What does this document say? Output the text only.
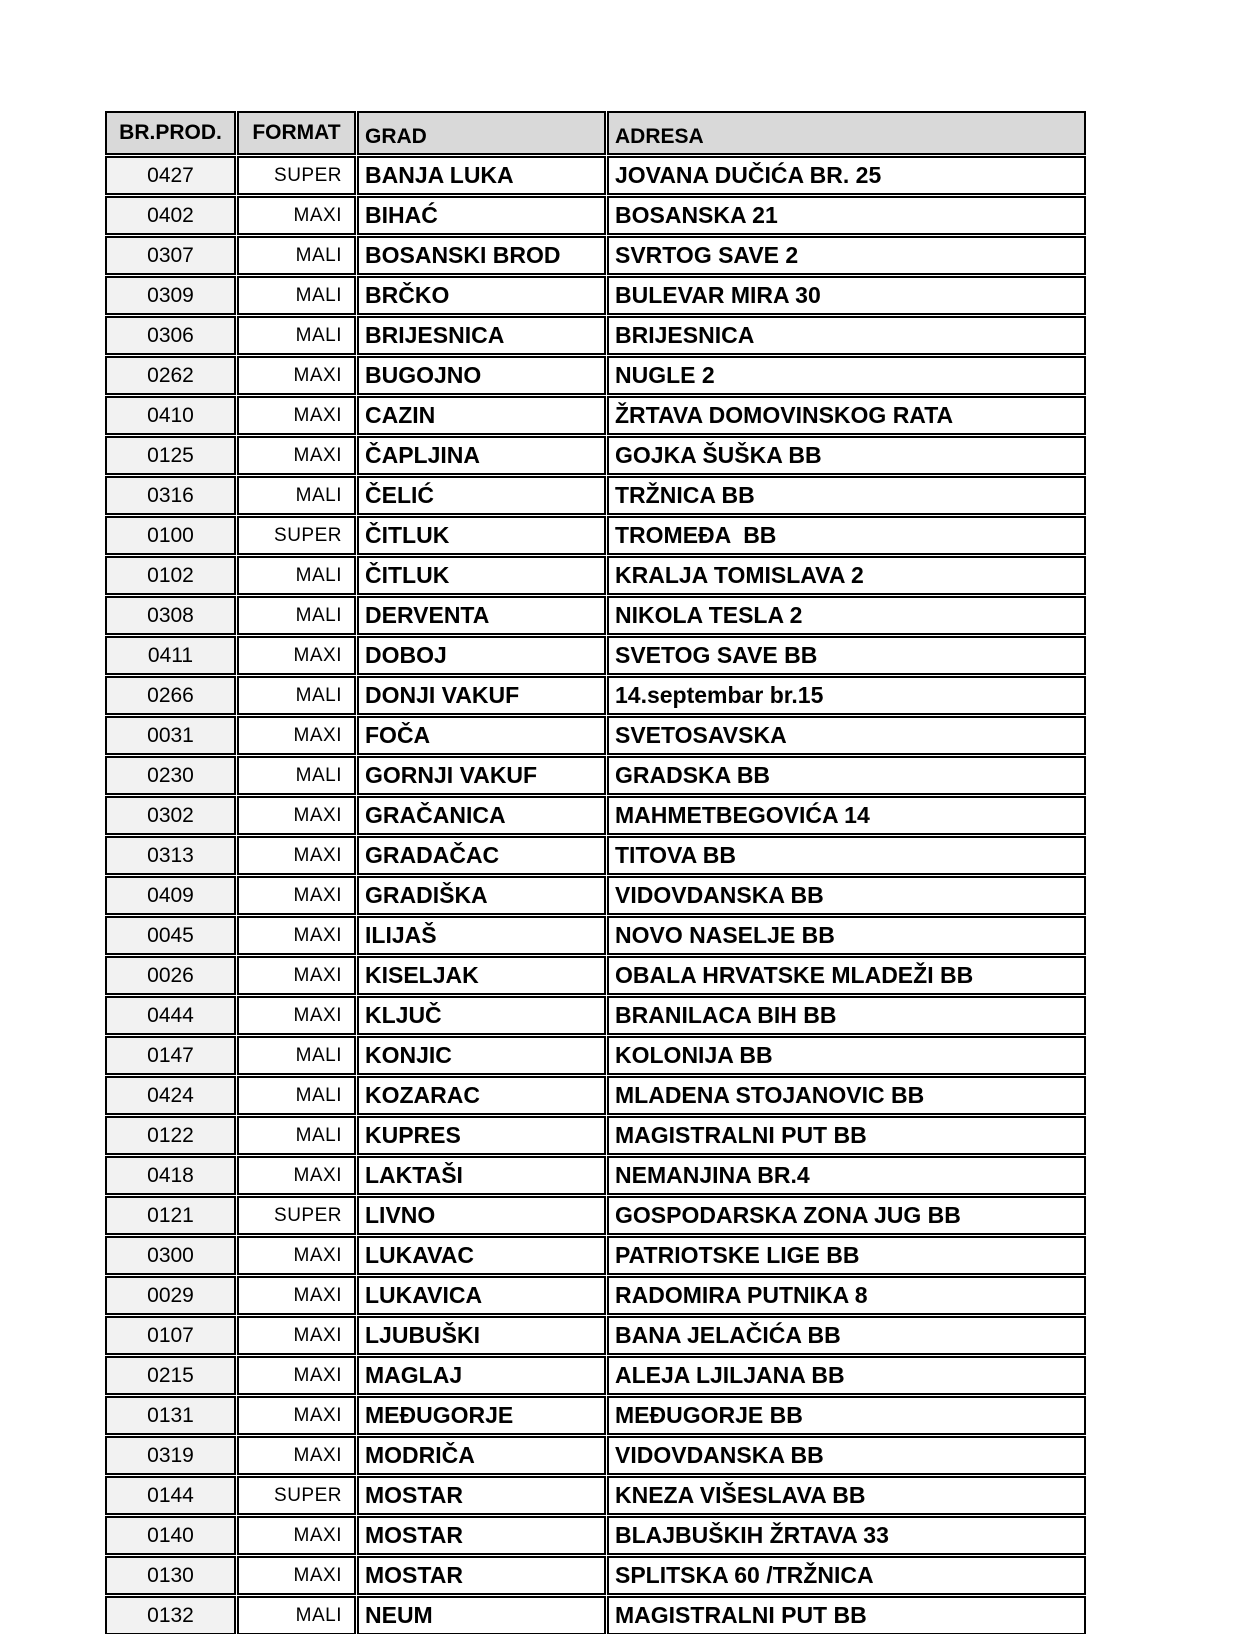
BR.PROD.	FORMAT	GRAD	ADRESA
0427	SUPER	BANJA LUKA	JOVANA DUČIĆA BR. 25
0402	MAXI	BIHAĆ	BOSANSKA 21
0307	MALI	BOSANSKI BROD	SVRTOG SAVE 2
0309	MALI	BRČKO	BULEVAR MIRA 30
0306	MALI	BRIJESNICA	BRIJESNICA
0262	MAXI	BUGOJNO	NUGLE 2
0410	MAXI	CAZIN	ŽRTAVA DOMOVINSKOG RATA
0125	MAXI	ČAPLJINA	GOJKA ŠUŠKA BB
0316	MALI	ČELIĆ	TRŽNICA BB
0100	SUPER	ČITLUK	TROMEĐA  BB
0102	MALI	ČITLUK	KRALJA TOMISLAVA 2
0308	MALI	DERVENTA	NIKOLA TESLA 2
0411	MAXI	DOBOJ	SVETOG SAVE BB
0266	MALI	DONJI VAKUF	14.septembar br.15
0031	MAXI	FOČA	SVETOSAVSKA
0230	MALI	GORNJI VAKUF	GRADSKA BB
0302	MAXI	GRAČANICA	MAHMETBEGOVIĆA 14
0313	MAXI	GRADAČAC	TITOVA BB
0409	MAXI	GRADIŠKA	VIDOVDANSKA BB
0045	MAXI	ILIJAŠ	NOVO NASELJE BB
0026	MAXI	KISELJAK	OBALA HRVATSKE MLADEŽI BB
0444	MAXI	KLJUČ	BRANILACA BIH BB
0147	MALI	KONJIC	KOLONIJA BB
0424	MALI	KOZARAC	MLADENA STOJANOVIC BB
0122	MALI	KUPRES	MAGISTRALNI PUT BB
0418	MAXI	LAKTAŠI	NEMANJINA BR.4
0121	SUPER	LIVNO	GOSPODARSKA ZONA JUG BB
0300	MAXI	LUKAVAC	PATRIOTSKE LIGE BB
0029	MAXI	LUKAVICA	RADOMIRA PUTNIKA 8
0107	MAXI	LJUBUŠKI	BANA JELAČIĆA BB
0215	MAXI	MAGLAJ	ALEJA LJILJANA BB
0131	MAXI	MEĐUGORJE	MEĐUGORJE BB
0319	MAXI	MODRIČA	VIDOVDANSKA BB
0144	SUPER	MOSTAR	KNEZA VIŠESLAVA BB
0140	MAXI	MOSTAR	BLAJBUŠKIH ŽRTAVA 33
0130	MAXI	MOSTAR	SPLITSKA 60 /TRŽNICA
0132	MALI	NEUM	MAGISTRALNI PUT BB
